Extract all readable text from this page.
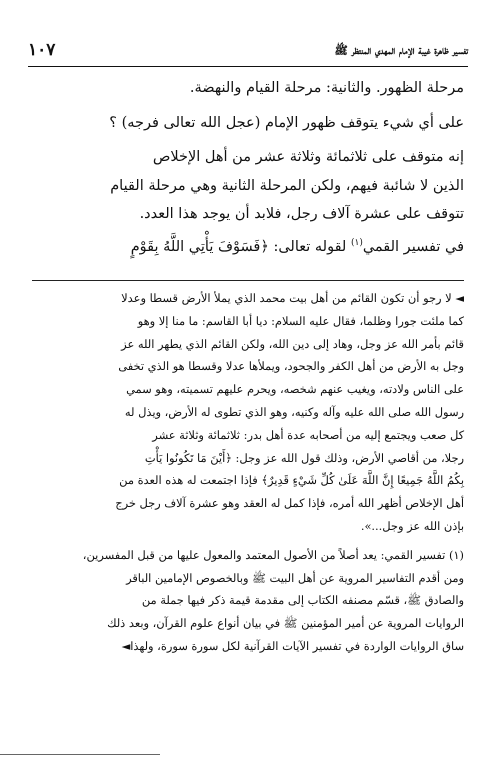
١٠٧	تفسير ظاهرة غيبة الإمام المهدي المنتظر ﷺ

مرحلة الظهور. والثانية: مرحلة القيام والنهضة.

على أي شيء يتوقف ظهور الإمام (عجل الله تعالى فرجه) ؟

إنه متوقف على ثلاثمائة وثلاثة عشر من أهل الإخلاص

الذين لا شائبة فيهم، ولكن المرحلة الثانية وهي مرحلة القيام

تتوقف على عشرة آلاف رجل، فلابد أن يوجد هذا العدد.

في تفسير القمي$^{(١)}$ لقوله تعالى: ﴿فَسَوْفَ يَأْتِي اللَّهُ بِقَوْمٍ

◄ لا رجو أن تكون القائم من أهل بيت محمد الذي يملأ الأرض قسطا وعدلا

كما ملئت جورا وظلما، فقال عليه السلام: ديا أبا القاسم: ما منا إلا وهو

قائم بأمر الله عز وجل، وهاد إلى دين الله، ولكن القائم الذي يطهر الله عز

وجل به الأرض من أهل الكفر والجحود، ويملأها عدلا وقسطا هو الذي تخفى

على الناس ولادته، ويغيب عنهم شخصه، ويحرم عليهم تسميته، وهو سمي

رسول الله صلى الله عليه وآله وكنيه، وهو الذي تطوى له الأرض، ويذل له

كل صعب ويجتمع إليه من أصحابه عدة أهل بدر: ثلاثمائة وثلاثة عشر

رجلا، من أقاصي الأرض، وذلك قول الله عز وجل: ﴿أَيْنَ مَا تَكُونُوا يَأْتِ

بِكُمُ اللَّهُ جَمِيعًا إِنَّ اللَّهَ عَلَىٰ كُلِّ شَيْءٍ قَدِيرٌ﴾ فإذا اجتمعت له هذه العدة من

أهل الإخلاص أظهر الله أمره، فإذا كمل له العقد وهو عشرة آلاف رجل خرج

بإذن الله عز وجل...».

(١) تفسير القمي: يعد أصلاً من الأصول المعتمد والمعول عليها من قبل المفسرين،

ومن أقدم التفاسير المروية عن أهل البيت ﷺ وبالخصوص الإمامين الباقر

والصادق ﷺ، قسّم مصنفه الكتاب إلى مقدمة قيمة ذكر فيها جملة من

الروايات المروية عن أمير المؤمنين ﷺ في بيان أنواع علوم القرآن، وبعد ذلك

ساق الروايات الواردة في تفسير الآيات القرآنية لكل سورة سورة، ولهذا◄
